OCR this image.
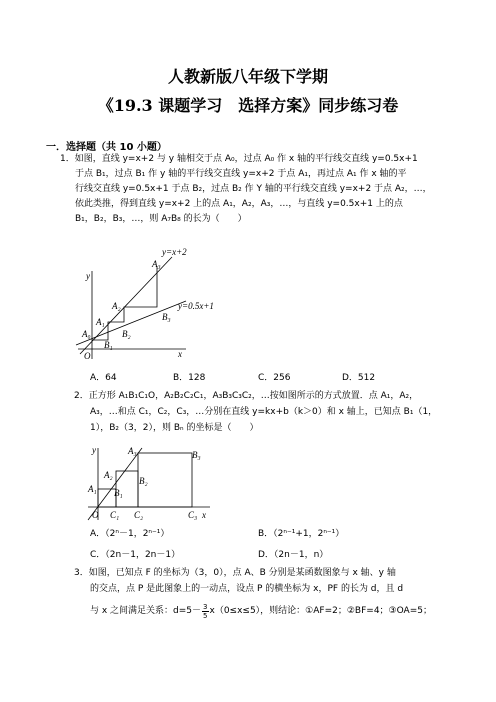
人教新版八年级下学期
《19.3 课题学习　选择方案》同步练习卷
一．选择题（共 10 小题）
1．如图，直线 y=x+2 与 y 轴相交于点 A₀，过点 A₀ 作 x 轴的平行线交直线 y=0.5x+1
于点 B₁，过点 B₁ 作 y 轴的平行线交直线 y=x+2 于点 A₁，再过点 A₁ 作 x 轴的平
行线交直线 y=0.5x+1 于点 B₂，过点 B₂ 作 Y 轴的平行线交直线 y=x+2 于点 A₂，…，
依此类推，得到直线 y=x+2 上的点 A₁，A₂，A₃，…，与直线 y=0.5x+1 上的点
B₁，B₂，B₃，…，则 A₇B₈ 的长为（　　）
y=x+2
y=0.5x+1
A₃
A₂
A₁
A₀
B₃
B₂
B₁
O	x
y
A．64	B．128	C．256	D．512
2．正方形 A₁B₁C₁O，A₂B₂C₂C₁，A₃B₃C₃C₂，…按如图所示的方式放置．点 A₁，A₂，
A₃，…和点 C₁，C₂，C₃，…分别在直线 y=kx+b（k＞0）和 x 轴上，已知点 B₁（1，
1），B₂（3，2），则 Bₙ 的坐标是（　　）
A₃	B₃
A₂
B₂
A₁ B₁
O C₁ C₂	C₃ x
y
A．（2ⁿ－1，2ⁿ⁻¹）	B．（2ⁿ⁻¹+1，2ⁿ⁻¹）
C．（2n－1，2n－1）	D．（2n－1，n）
3．如图，已知点 F 的坐标为（3，0），点 A、B 分别是某函数图象与 x 轴、y 轴
的交点，点 P 是此图象上的一动点，设点 P 的横坐标为 x，PF 的长为 d，且 d
与 x 之间满足关系：$d=5- \frac{3}{5} x(0\le x\le 5)$，则结论：①AF=2；②BF=4；③OA=5；
